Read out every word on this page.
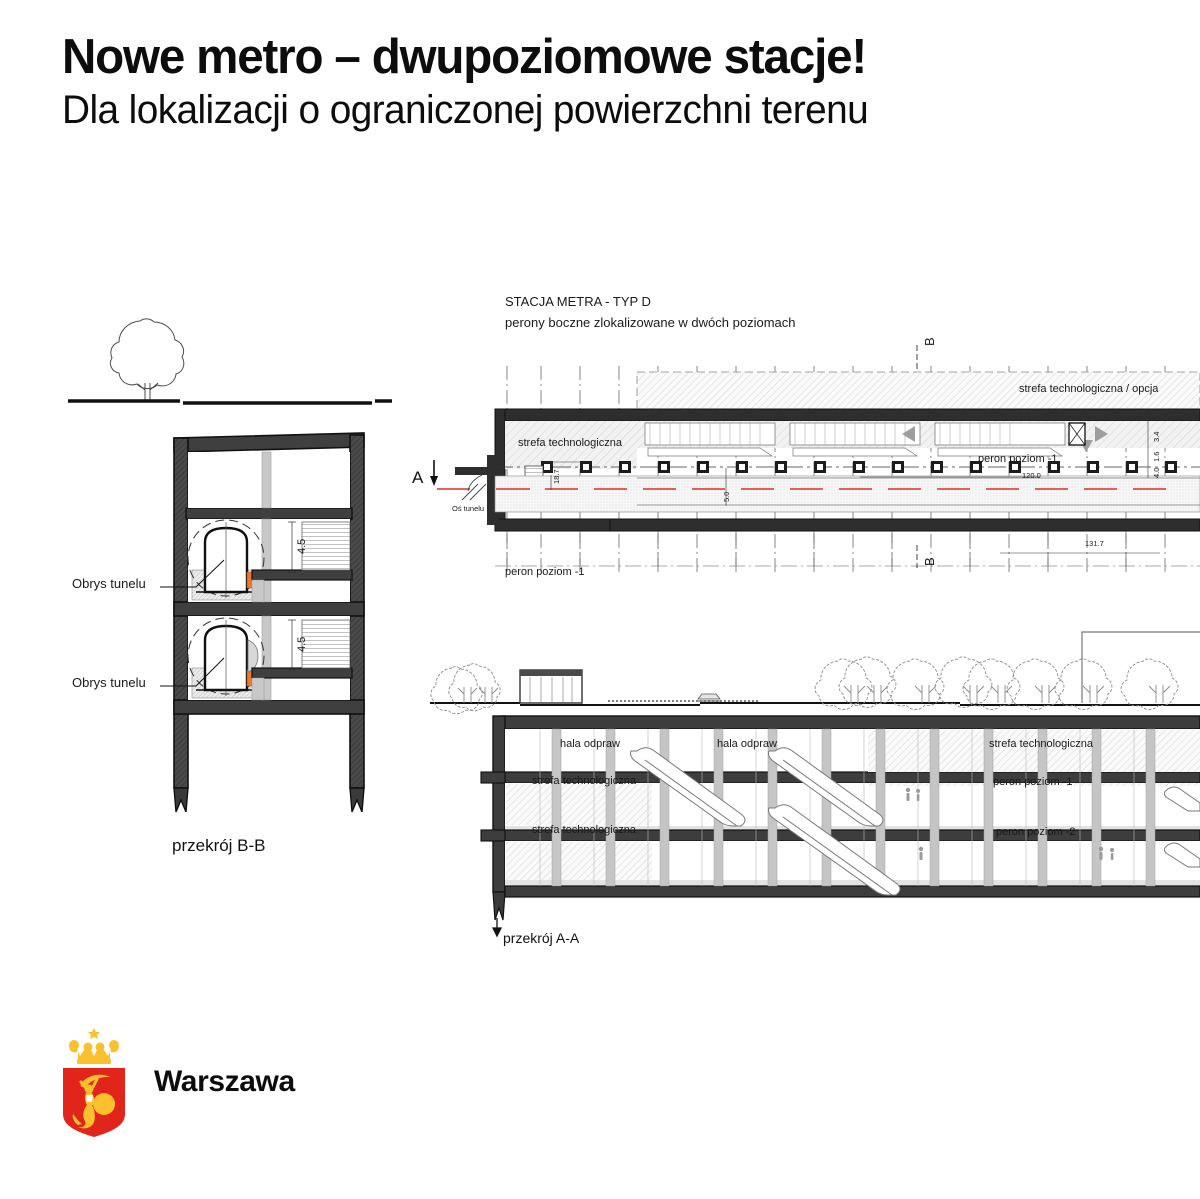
Nowe metro – dwupoziomowe stacje!
Dla lokalizacji o ograniczonej powierzchni terenu
STACJA METRA - TYP D
perony boczne zlokalizowane w dwóch poziomach
strefa technologiczna / opcja
strefa technologiczna
peron poziom -1
peron poziom -1
Oś tunelu
A
B
B
18.7
5.0
120.0
131.7
4.0
1.6
3.4
hala odpraw	hala odpraw
strefa technologiczna
strefa technologiczna
strefa technologiczna
peron poziom -1
peron poziom -2
przekrój B-B
przekrój A-A
Obrys tunelu
Obrys tunelu
4.5
4.5
Warszawa
